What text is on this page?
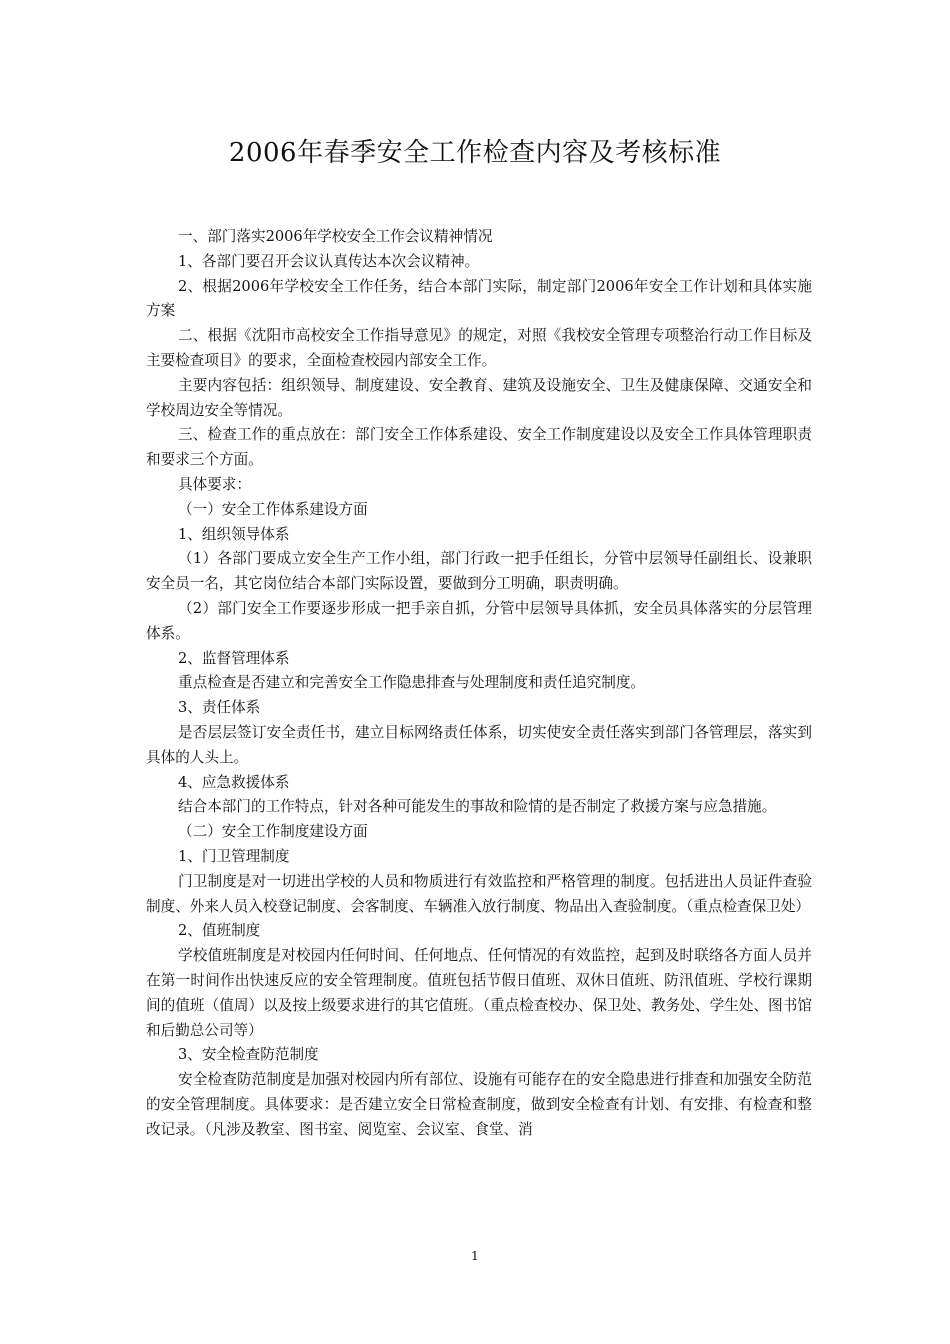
2006年春季安全工作检查内容及考核标准

一、部门落实2006年学校安全工作会议精神情况

1、各部门要召开会议认真传达本次会议精神。

2、根据2006年学校安全工作任务，结合本部门实际，制定部门2006年安全工作计划和具体实施方案

二、根据《沈阳市高校安全工作指导意见》的规定，对照《我校安全管理专项整治行动工作目标及主要检查项目》的要求，全面检查校园内部安全工作。

主要内容包括：组织领导、制度建设、安全教育、建筑及设施安全、卫生及健康保障、交通安全和学校周边安全等情况。

三、检查工作的重点放在：部门安全工作体系建设、安全工作制度建设以及安全工作具体管理职责和要求三个方面。

具体要求：

（一）安全工作体系建设方面

1、组织领导体系

（1）各部门要成立安全生产工作小组，部门行政一把手任组长，分管中层领导任副组长、设兼职安全员一名，其它岗位结合本部门实际设置，要做到分工明确，职责明确。

（2）部门安全工作要逐步形成一把手亲自抓，分管中层领导具体抓，安全员具体落实的分层管理体系。

2、监督管理体系

重点检查是否建立和完善安全工作隐患排查与处理制度和责任追究制度。

3、责任体系

是否层层签订安全责任书，建立目标网络责任体系，切实使安全责任落实到部门各管理层，落实到具体的人头上。

4、应急救援体系

结合本部门的工作特点，针对各种可能发生的事故和险情的是否制定了救援方案与应急措施。

（二）安全工作制度建设方面

1、门卫管理制度

门卫制度是对一切进出学校的人员和物质进行有效监控和严格管理的制度。包括进出人员证件查验制度、外来人员入校登记制度、会客制度、车辆准入放行制度、物品出入查验制度。（重点检查保卫处）

2、值班制度

学校值班制度是对校园内任何时间、任何地点、任何情况的有效监控，起到及时联络各方面人员并在第一时间作出快速反应的安全管理制度。值班包括节假日值班、双休日值班、防汛值班、学校行课期间的值班（值周）以及按上级要求进行的其它值班。（重点检查校办、保卫处、教务处、学生处、图书馆和后勤总公司等）

3、安全检查防范制度

安全检查防范制度是加强对校园内所有部位、设施有可能存在的安全隐患进行排查和加强安全防范的安全管理制度。具体要求：是否建立安全日常检查制度，做到安全检查有计划、有安排、有检查和整改记录。（凡涉及教室、图书室、阅览室、会议室、食堂、消

1
